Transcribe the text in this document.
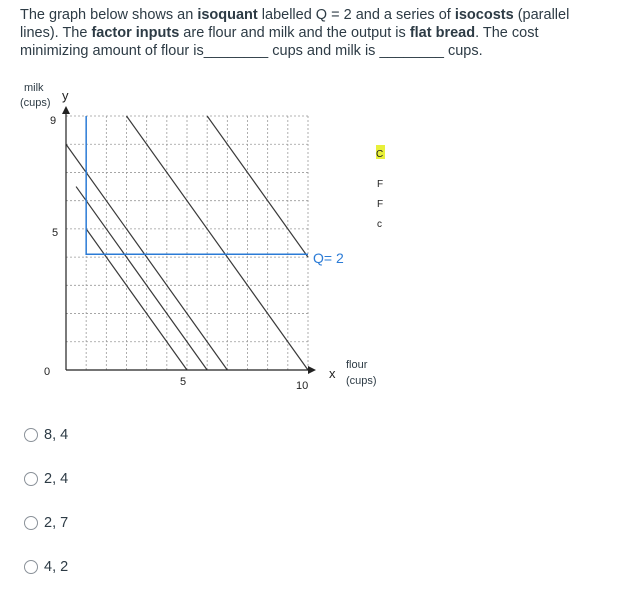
The graph below shows an isoquant labelled Q = 2 and a series of isocosts (parallel lines). The factor inputs are flour and milk and the output is flat bread. The cost minimizing amount of flour is________ cups and milk is ________ cups.
milk
(cups) y
x
flour
(cups)
9
5
0
5	10
Q= 2
C
F
F
c
8, 4
2, 4
2, 7
4, 2
